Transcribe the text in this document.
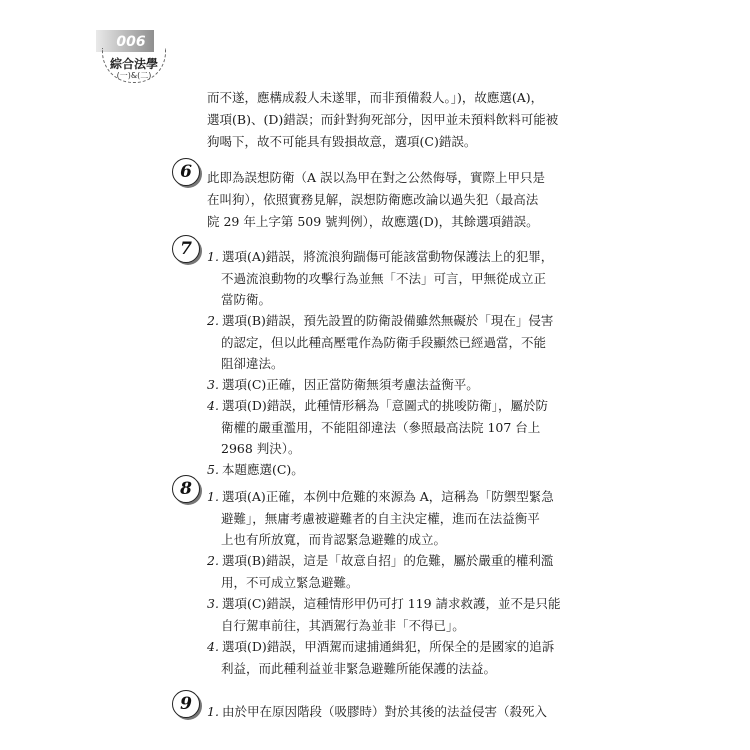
006
綜合法學
(一)&(二)
而不遂，應構成殺人未遂罪，而非預備殺人。」)，故應選(A)，
選項(B)、(D)錯誤；而針對狗死部分，因甲並未預料飲料可能被
狗喝下，故不可能具有毀損故意，選項(C)錯誤。
6	此即為誤想防衛（A 誤以為甲在對之公然侮辱，實際上甲只是
在叫狗），依照實務見解，誤想防衛應改論以過失犯（最高法
院 29 年上字第 509 號判例），故應選(D)，其餘選項錯誤。
7	1. 選項(A)錯誤，將流浪狗踹傷可能該當動物保護法上的犯罪，
不過流浪動物的攻擊行為並無「不法」可言，甲無從成立正
當防衛。
2. 選項(B)錯誤，預先設置的防衛設備雖然無礙於「現在」侵害
的認定，但以此種高壓電作為防衛手段顯然已經過當，不能
阻卻違法。
3. 選項(C)正確，因正當防衛無須考慮法益衡平。
4. 選項(D)錯誤，此種情形稱為「意圖式的挑唆防衛」，屬於防
衛權的嚴重濫用，不能阻卻違法（參照最高法院 107 台上
2968 判決）。
5. 本題應選(C)。
8	1. 選項(A)正確，本例中危難的來源為 A，這稱為「防禦型緊急
避難」，無庸考慮被避難者的自主決定權，進而在法益衡平
上也有所放寬，而肯認緊急避難的成立。
2. 選項(B)錯誤，這是「故意自招」的危難，屬於嚴重的權利濫
用，不可成立緊急避難。
3. 選項(C)錯誤，這種情形甲仍可打 119 請求救護，並不是只能
自行駕車前往，其酒駕行為並非「不得已」。
4. 選項(D)錯誤，甲酒駕而逮捕通緝犯，所保全的是國家的追訴
利益，而此種利益並非緊急避難所能保護的法益。
9	1. 由於甲在原因階段（吸膠時）對於其後的法益侵害（殺死入
